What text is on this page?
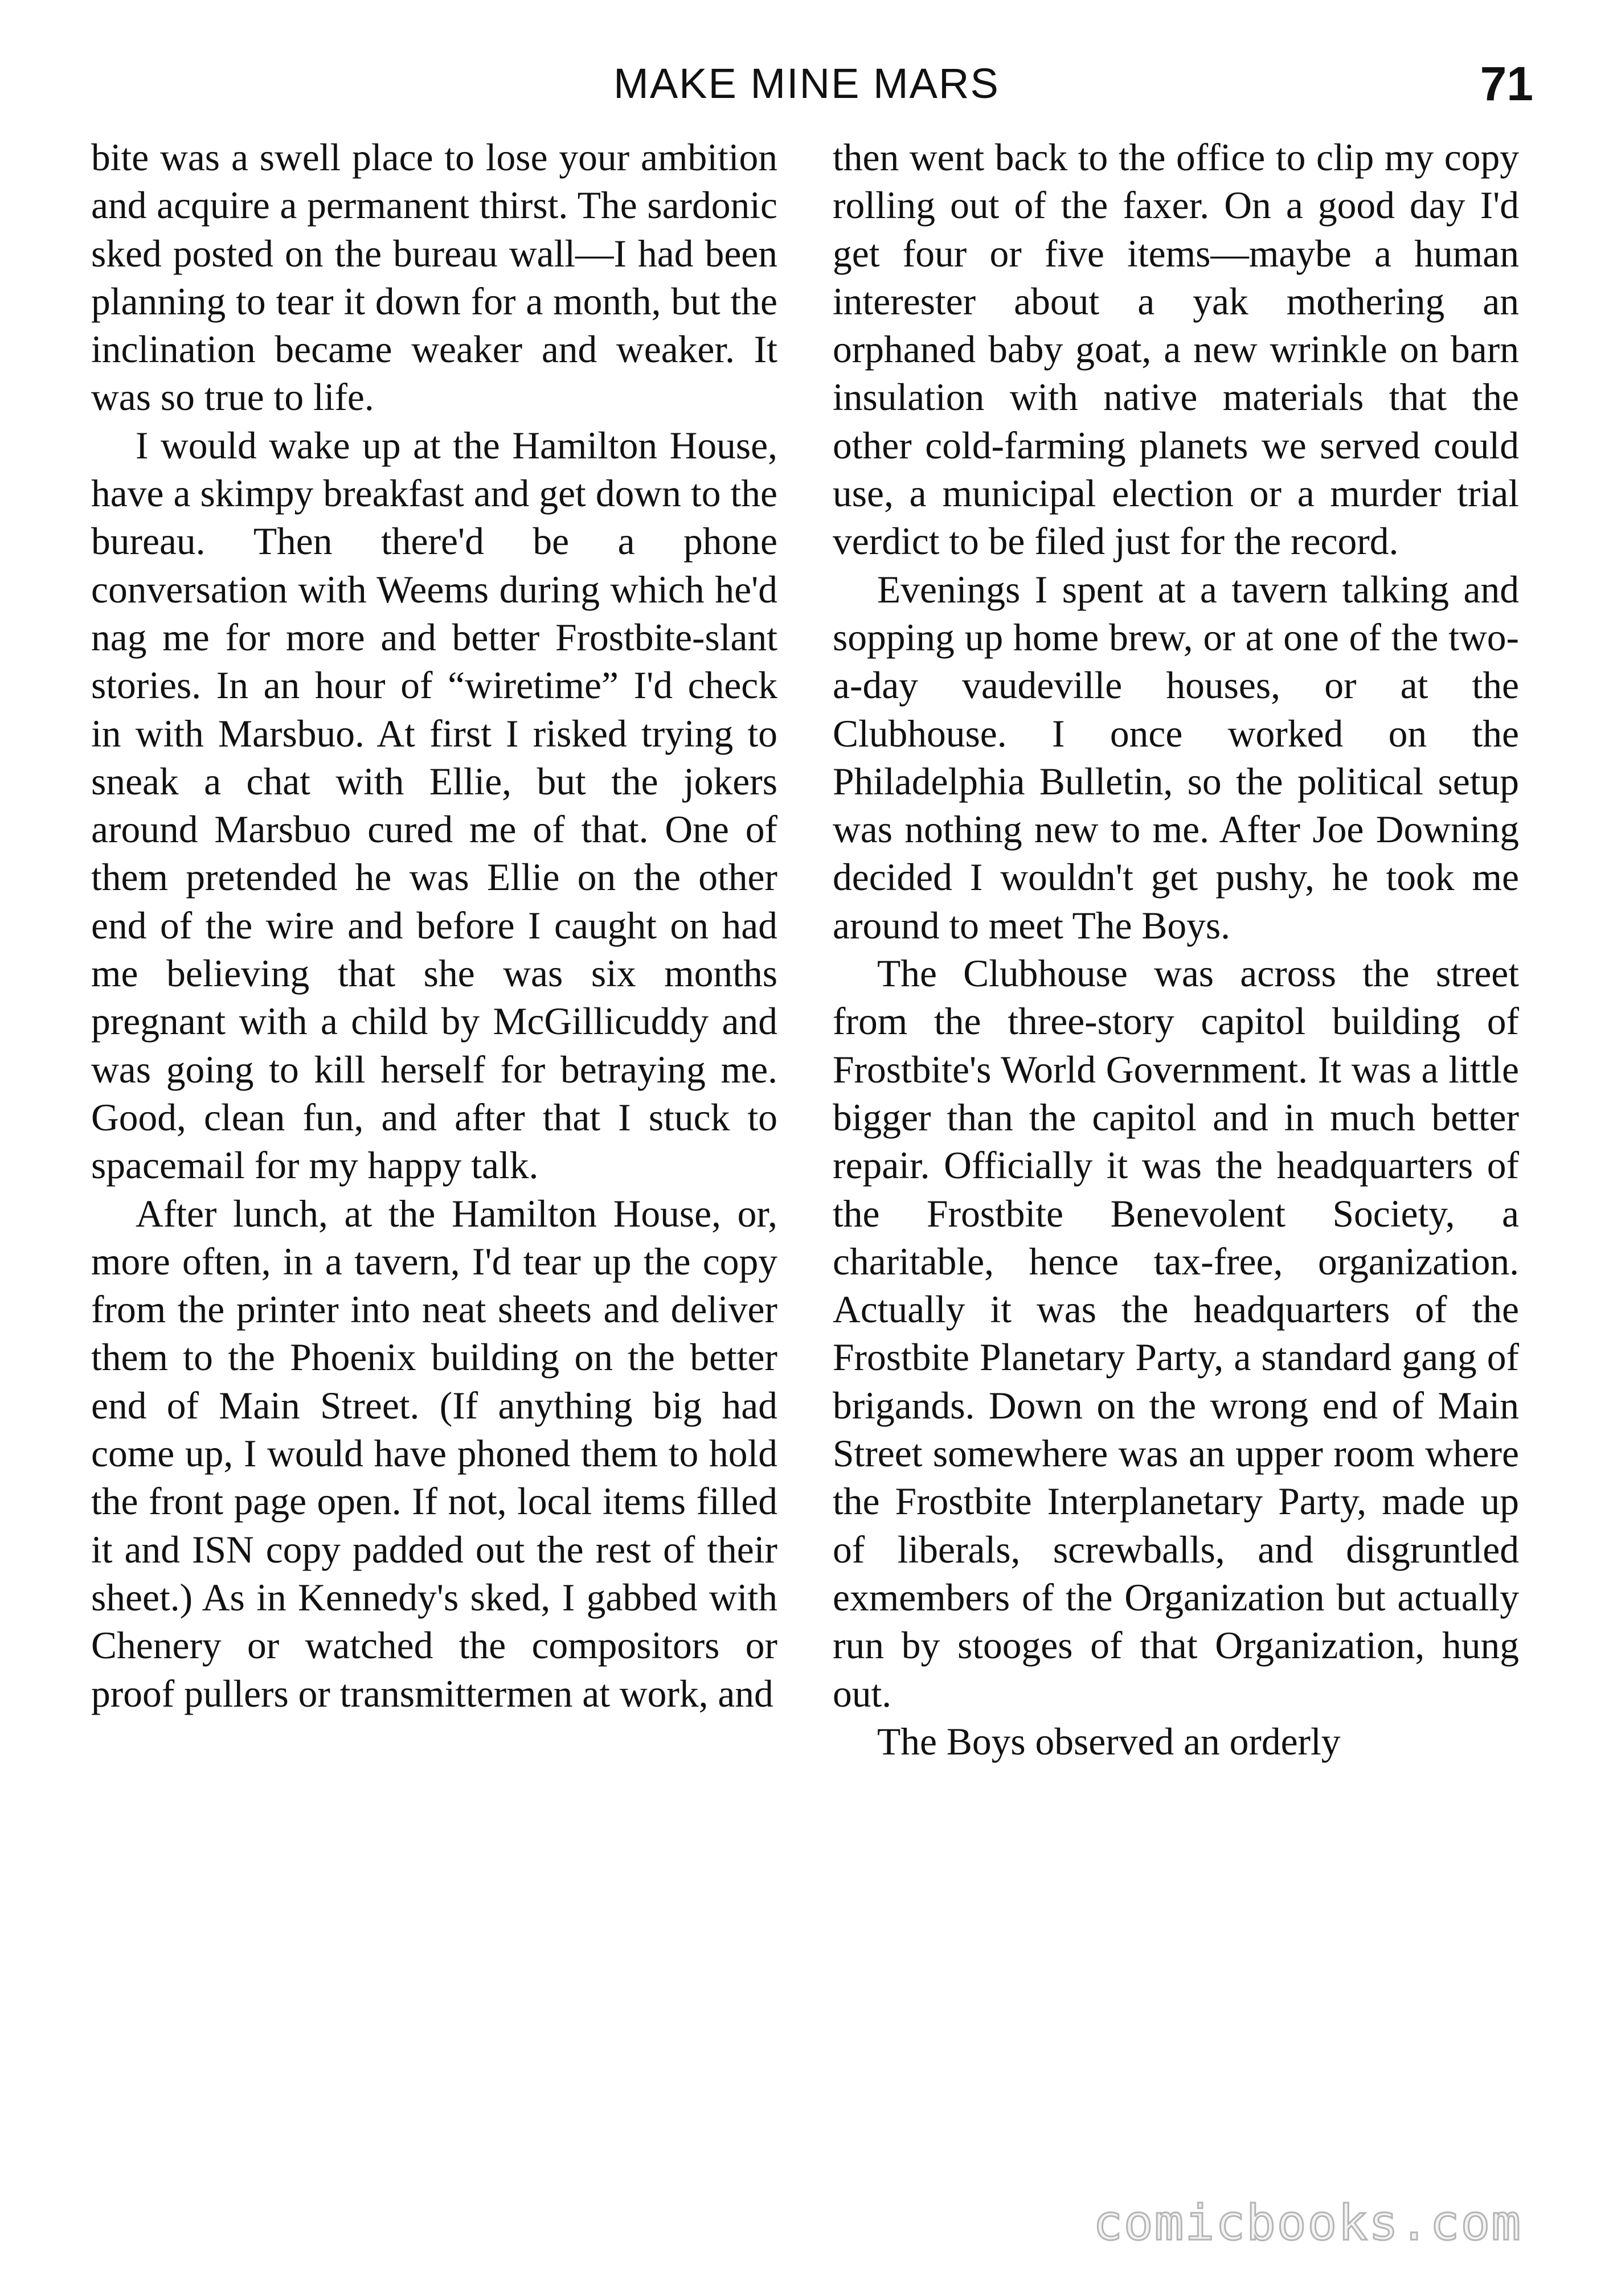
MAKE MINE MARS	71

bite was a swell place to lose your ambition and acquire a permanent thirst. The sardonic sked posted on the bureau wall—I had been planning to tear it down for a month, but the inclination became weaker and weaker. It was so true to life.

I would wake up at the Hamilton House, have a skimpy breakfast and get down to the bureau. Then there'd be a phone conversation with Weems during which he'd nag me for more and better Frostbite-slant stories. In an hour of “wiretime” I'd check in with Marsbuo. At first I risked trying to sneak a chat with Ellie, but the jokers around Marsbuo cured me of that. One of them pretended he was Ellie on the other end of the wire and before I caught on had me believing that she was six months pregnant with a child by McGillicuddy and was going to kill herself for betraying me. Good, clean fun, and after that I stuck to spacemail for my happy talk.

After lunch, at the Hamilton House, or, more often, in a tavern, I'd tear up the copy from the printer into neat sheets and deliver them to the Phoenix building on the better end of Main Street. (If anything big had come up, I would have phoned them to hold the front page open. If not, local items filled it and ISN copy padded out the rest of their sheet.) As in Kennedy's sked, I gabbed with Chenery or watched the compositors or proof pullers or transmittermen at work, and

then went back to the office to clip my copy rolling out of the faxer. On a good day I'd get four or five items—maybe a human interester about a yak mothering an orphaned baby goat, a new wrinkle on barn insulation with native materials that the other cold-farming planets we served could use, a municipal election or a murder trial verdict to be filed just for the record.

Evenings I spent at a tavern talking and sopping up home brew, or at one of the two-a-day vaudeville houses, or at the Clubhouse. I once worked on the Philadelphia Bulletin, so the political setup was nothing new to me. After Joe Downing decided I wouldn't get pushy, he took me around to meet The Boys.

The Clubhouse was across the street from the three-story capitol building of Frostbite's World Government. It was a little bigger than the capitol and in much better repair. Officially it was the headquarters of the Frostbite Benevolent Society, a charitable, hence tax-free, organization. Actually it was the headquarters of the Frostbite Planetary Party, a standard gang of brigands. Down on the wrong end of Main Street somewhere was an upper room where the Frostbite Interplanetary Party, made up of liberals, screwballs, and disgruntled exmembers of the Organization but actually run by stooges of that Organization, hung out.

The Boys observed an orderly

comicbooks.com
